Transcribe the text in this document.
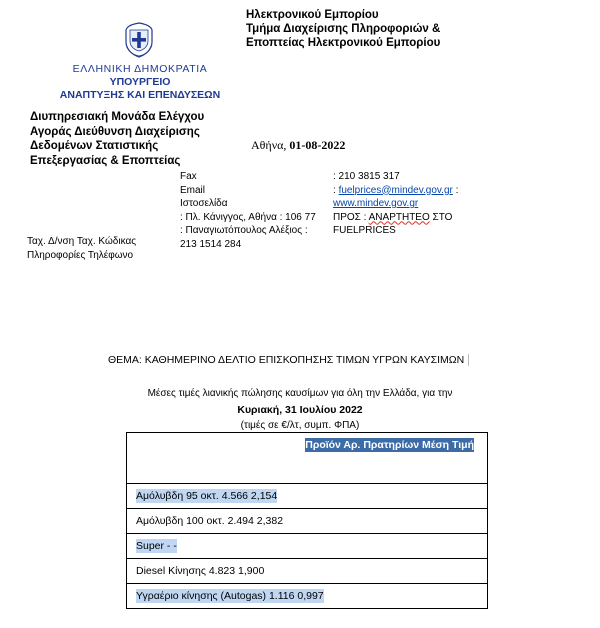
ΕΛΛΗΝΙΚΗ ΔΗΜΟΚΡΑΤΙΑ
ΥΠΟΥΡΓΕΙΟ
ΑΝΑΠΤΥΞΗΣ ΚΑΙ ΕΠΕΝΔΥΣΕΩΝ
Ηλεκτρονικού Εμπορίου
Τμήμα Διαχείρισης Πληροφοριών &
Εποπτείας Ηλεκτρονικού Εμπορίου
Διυπηρεσιακή Μονάδα Ελέγχου
Αγοράς Διεύθυνση Διαχείρισης
Δεδομένων Στατιστικής
Επεξεργασίας & Εποπτείας
Αθήνα, 01-08-2022
Fax
Email
Ιστοσελίδα
: Πλ. Κάνιγγος, Αθήνα : 106 77
: Παναγιωτόπουλος Αλέξιος :
213 1514 284
: 210 3815 317
: fuelprices@mindev.gov.gr :
www.mindev.gov.gr
ΠΡΟΣ : ΑΝΑΡΤΗΤΕΟ ΣΤΟ
FUELPRICES
Ταχ. Δ/νση Ταχ. Κώδικας
Πληροφορίες Τηλέφωνο
ΘΕΜΑ: ΚΑΘΗΜΕΡΙΝΟ ΔΕΛΤΙΟ ΕΠΙΣΚΟΠΗΣΗΣ ΤΙΜΩΝ ΥΓΡΩΝ ΚΑΥΣΙΜΩΝ
Μέσες τιμές λιανικής πώλησης καυσίμων για όλη την Ελλάδα, για την
Κυριακή, 31 Ιουλίου 2022
(τιμές σε €/λτ, συμπ. ΦΠΑ)
Προϊόν Αρ. Πρατηρίων Μέση Τιμή
Αμόλυβδη 95 οκτ. 4.566 2,154
Αμόλυβδη 100 οκτ. 2.494 2,382
Super - -
Diesel Κίνησης 4.823 1,900
Υγραέριο κίνησης (Autogas) 1.116 0,997
